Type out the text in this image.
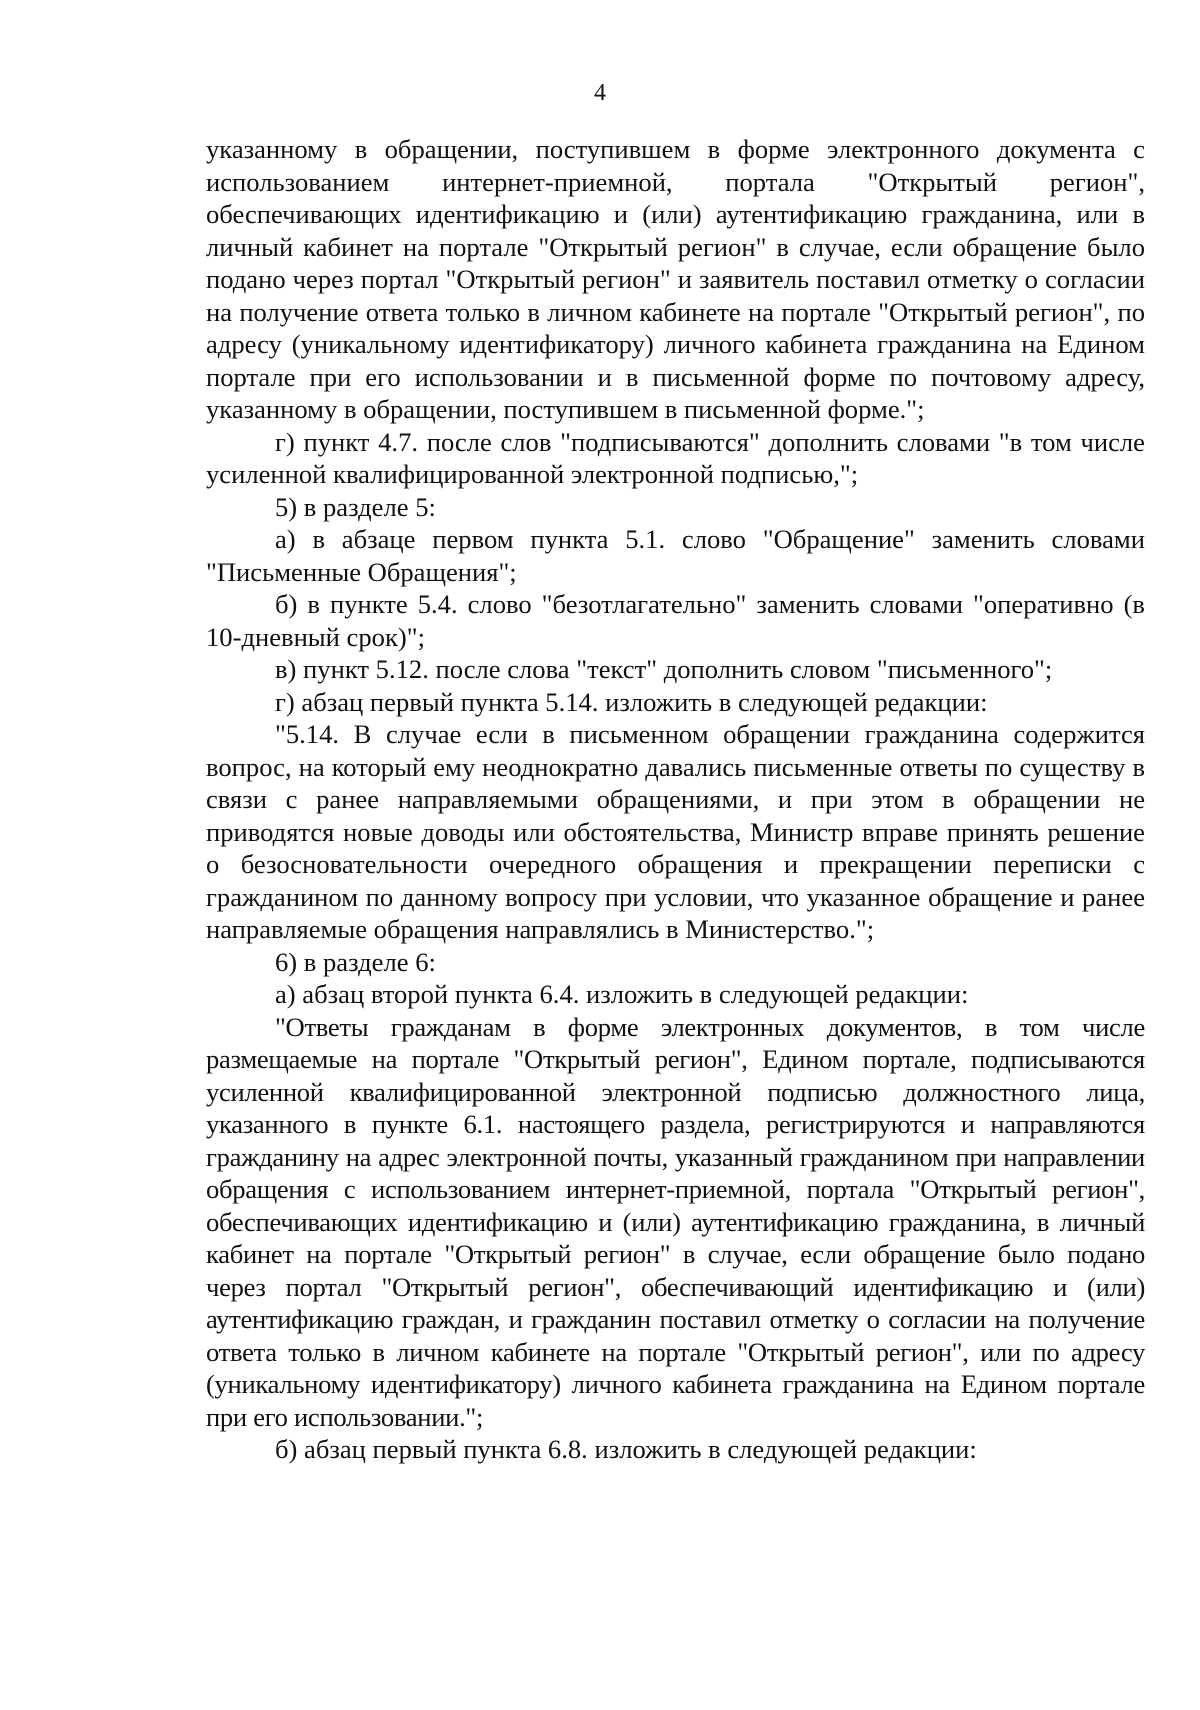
4

указанному в обращении, поступившем в форме электронного документа с использованием интернет-приемной, портала "Открытый регион", обеспечивающих идентификацию и (или) аутентификацию гражданина, или в личный кабинет на портале "Открытый регион" в случае, если обращение было подано через портал "Открытый регион" и заявитель поставил отметку о согласии на получение ответа только в личном кабинете на портале "Открытый регион", по адресу (уникальному идентификатору) личного кабинета гражданина на Едином портале при его использовании и в письменной форме по почтовому адресу, указанному в обращении, поступившем в письменной форме.";

г) пункт 4.7. после слов "подписываются" дополнить словами "в том числе усиленной квалифицированной электронной подписью,";

5) в разделе 5:

а) в абзаце первом пункта 5.1. слово "Обращение" заменить словами "Письменные Обращения";

б) в пункте 5.4. слово "безотлагательно" заменить словами "оперативно (в 10-дневный срок)";

в) пункт 5.12. после слова "текст" дополнить словом "письменного";

г) абзац первый пункта 5.14. изложить в следующей редакции:

"5.14. В случае если в письменном обращении гражданина содержится вопрос, на который ему неоднократно давались письменные ответы по существу в связи с ранее направляемыми обращениями, и при этом в обращении не приводятся новые доводы или обстоятельства, Министр вправе принять решение о безосновательности очередного обращения и прекращении переписки с гражданином по данному вопросу при условии, что указанное обращение и ранее направляемые обращения направлялись в Министерство.";

6) в разделе 6:

а) абзац второй пункта 6.4. изложить в следующей редакции:

"Ответы гражданам в форме электронных документов, в том числе размещаемые на портале "Открытый регион", Едином портале, подписываются усиленной квалифицированной электронной подписью должностного лица, указанного в пункте 6.1. настоящего раздела, регистрируются и направляются гражданину на адрес электронной почты, указанный гражданином при направлении обращения с использованием интернет-приемной, портала "Открытый регион", обеспечивающих идентификацию и (или) аутентификацию гражданина, в личный кабинет на портале "Открытый регион" в случае, если обращение было подано через портал "Открытый регион", обеспечивающий идентификацию и (или) аутентификацию граждан, и гражданин поставил отметку о согласии на получение ответа только в личном кабинете на портале "Открытый регион", или по адресу (уникальному идентификатору) личного кабинета гражданина на Едином портале при его использовании.";

б) абзац первый пункта 6.8. изложить в следующей редакции:
